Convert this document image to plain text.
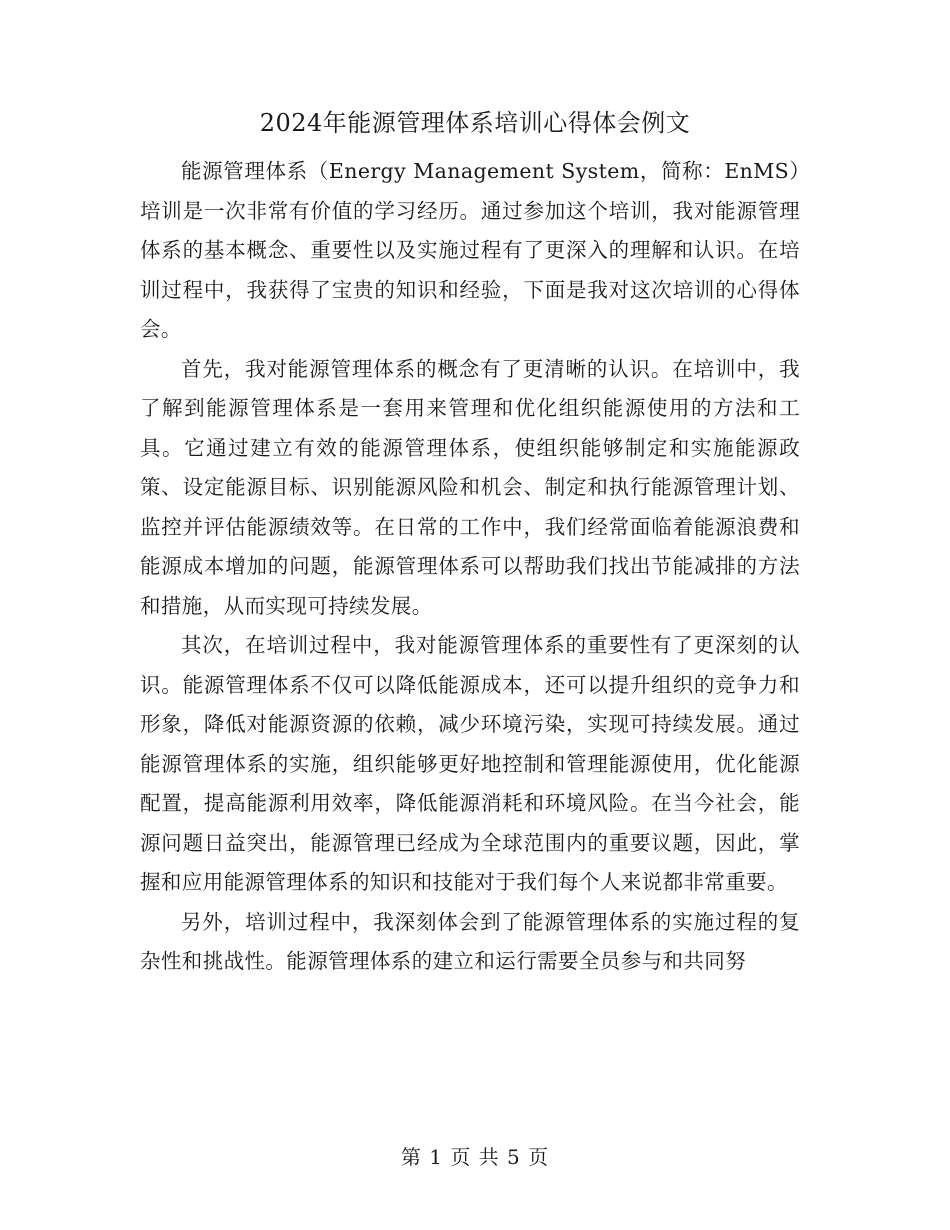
2024年能源管理体系培训心得体会例文

能源管理体系（Energy Management System，简称：EnMS）培训是一次非常有价值的学习经历。通过参加这个培训，我对能源管理体系的基本概念、重要性以及实施过程有了更深入的理解和认识。在培训过程中，我获得了宝贵的知识和经验，下面是我对这次培训的心得体会。

首先，我对能源管理体系的概念有了更清晰的认识。在培训中，我了解到能源管理体系是一套用来管理和优化组织能源使用的方法和工具。它通过建立有效的能源管理体系，使组织能够制定和实施能源政策、设定能源目标、识别能源风险和机会、制定和执行能源管理计划、监控并评估能源绩效等。在日常的工作中，我们经常面临着能源浪费和能源成本增加的问题，能源管理体系可以帮助我们找出节能减排的方法和措施，从而实现可持续发展。

其次，在培训过程中，我对能源管理体系的重要性有了更深刻的认识。能源管理体系不仅可以降低能源成本，还可以提升组织的竞争力和形象，降低对能源资源的依赖，减少环境污染，实现可持续发展。通过能源管理体系的实施，组织能够更好地控制和管理能源使用，优化能源配置，提高能源利用效率，降低能源消耗和环境风险。在当今社会，能源问题日益突出，能源管理已经成为全球范围内的重要议题，因此，掌握和应用能源管理体系的知识和技能对于我们每个人来说都非常重要。

另外，培训过程中，我深刻体会到了能源管理体系的实施过程的复杂性和挑战性。能源管理体系的建立和运行需要全员参与和共同努

第 1 页 共 5 页
